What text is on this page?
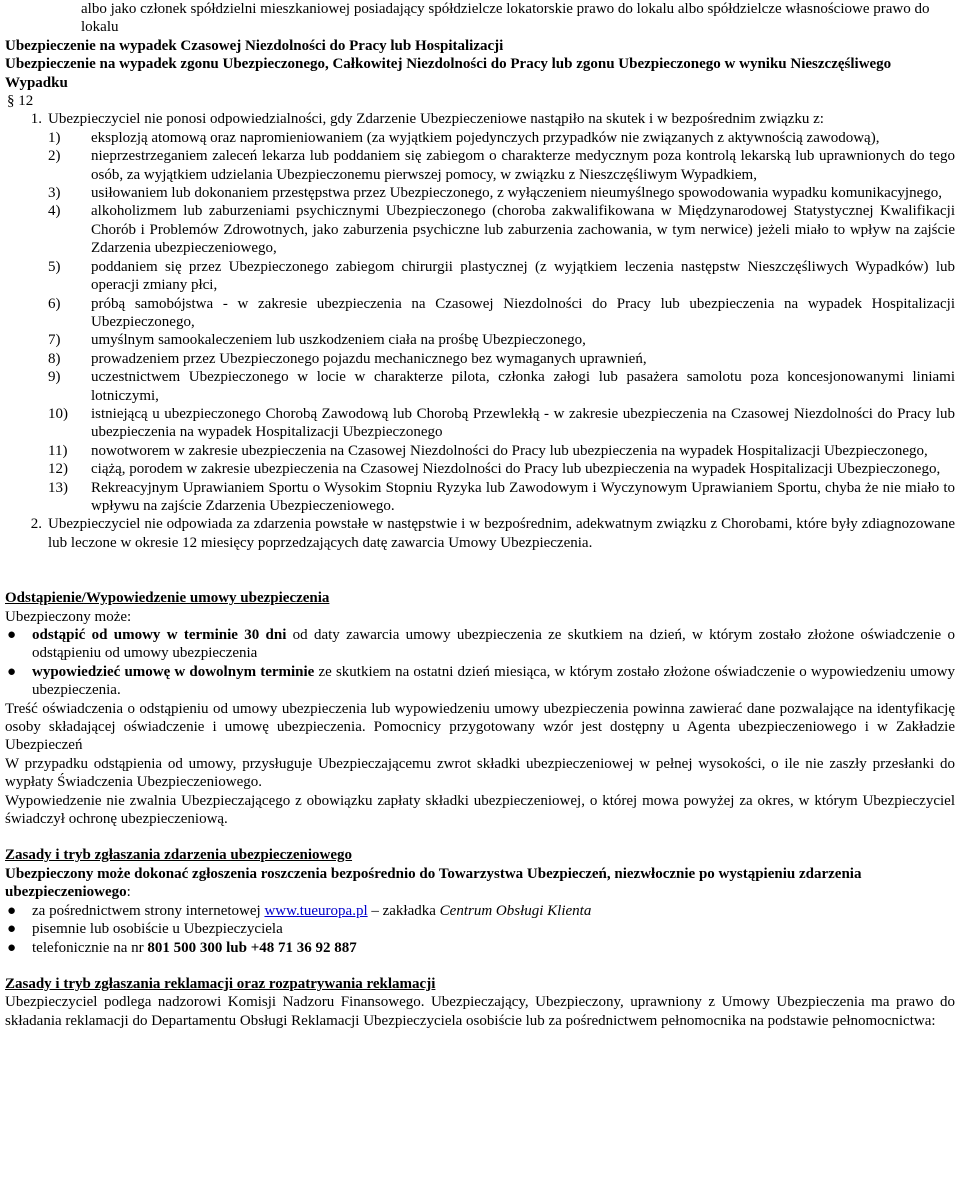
albo jako członek spółdzielni mieszkaniowej posiadający spółdzielcze lokatorskie prawo do lokalu albo spółdzielcze własnościowe prawo do lokalu

Ubezpieczenie na wypadek Czasowej Niezdolności do Pracy lub Hospitalizacji

Ubezpieczenie na wypadek zgonu Ubezpieczonego, Całkowitej Niezdolności do Pracy lub zgonu Ubezpieczonego w wyniku Nieszczęśliwego Wypadku

§ 12

1. Ubezpieczyciel nie ponosi odpowiedzialności, gdy Zdarzenie Ubezpieczeniowe nastąpiło na skutek i w bezpośrednim związku z:

1)	eksplozją atomową oraz napromieniowaniem (za wyjątkiem pojedynczych przypadków nie związanych z aktywnością zawodową),
2)	nieprzestrzeganiem zaleceń lekarza lub poddaniem się zabiegom o charakterze medycznym poza kontrolą lekarską lub uprawnionych do tego osób, za wyjątkiem udzielania Ubezpieczonemu pierwszej pomocy, w związku z Nieszczęśliwym Wypadkiem,
3)	usiłowaniem lub dokonaniem przestępstwa przez Ubezpieczonego, z wyłączeniem nieumyślnego spowodowania wypadku komunikacyjnego,
4)	alkoholizmem lub zaburzeniami psychicznymi Ubezpieczonego (choroba zakwalifikowana w Międzynarodowej Statystycznej Kwalifikacji Chorób i Problemów Zdrowotnych, jako zaburzenia psychiczne lub zaburzenia zachowania, w tym nerwice) jeżeli miało to wpływ na zajście Zdarzenia ubezpieczeniowego,
5)	poddaniem się przez Ubezpieczonego zabiegom chirurgii plastycznej (z wyjątkiem leczenia następstw Nieszczęśliwych Wypadków) lub operacji zmiany płci,
6)	próbą samobójstwa - w zakresie ubezpieczenia na Czasowej Niezdolności do Pracy lub ubezpieczenia na wypadek Hospitalizacji Ubezpieczonego,
7)	umyślnym samookaleczeniem lub uszkodzeniem ciała na prośbę Ubezpieczonego,
8)	prowadzeniem przez Ubezpieczonego pojazdu mechanicznego bez wymaganych uprawnień,
9)	uczestnictwem Ubezpieczonego w locie w charakterze pilota, członka załogi lub pasażera samolotu poza koncesjonowanymi liniami lotniczymi,
10)	istniejącą u ubezpieczonego Chorobą Zawodową lub Chorobą Przewlekłą - w zakresie ubezpieczenia na Czasowej Niezdolności do Pracy lub ubezpieczenia na wypadek Hospitalizacji Ubezpieczonego
11)	nowotworem w zakresie ubezpieczenia na Czasowej Niezdolności do Pracy lub ubezpieczenia na wypadek Hospitalizacji Ubezpieczonego,
12)	ciążą, porodem w zakresie ubezpieczenia na Czasowej Niezdolności do Pracy lub ubezpieczenia na wypadek Hospitalizacji Ubezpieczonego,
13)	Rekreacyjnym Uprawianiem Sportu o Wysokim Stopniu Ryzyka lub Zawodowym i Wyczynowym Uprawianiem Sportu, chyba że nie miało to wpływu na zajście Zdarzenia Ubezpieczeniowego.
2. Ubezpieczyciel nie odpowiada za zdarzenia powstałe w następstwie i w bezpośrednim, adekwatnym związku z Chorobami, które były zdiagnozowane lub leczone w okresie 12 miesięcy poprzedzających datę zawarcia Umowy Ubezpieczenia.

Odstąpienie/Wypowiedzenie umowy ubezpieczenia

Ubezpieczony może:

●	odstąpić od umowy w terminie 30 dni od daty zawarcia umowy ubezpieczenia ze skutkiem na dzień, w którym zostało złożone oświadczenie o odstąpieniu od umowy ubezpieczenia
●	wypowiedzieć umowę w dowolnym terminie ze skutkiem na ostatni dzień miesiąca, w którym zostało złożone oświadczenie o wypowiedzeniu umowy ubezpieczenia.

Treść oświadczenia o odstąpieniu od umowy ubezpieczenia lub wypowiedzeniu umowy ubezpieczenia powinna zawierać dane pozwalające na identyfikację osoby składającej oświadczenie i umowę ubezpieczenia. Pomocnicy przygotowany wzór jest dostępny u Agenta ubezpieczeniowego i w Zakładzie Ubezpieczeń

W przypadku odstąpienia od umowy, przysługuje Ubezpieczającemu zwrot składki ubezpieczeniowej w pełnej wysokości, o ile nie zaszły przesłanki do wypłaty Świadczenia Ubezpieczeniowego.

Wypowiedzenie nie zwalnia Ubezpieczającego z obowiązku zapłaty składki ubezpieczeniowej, o której mowa powyżej za okres, w którym Ubezpieczyciel świadczył ochronę ubezpieczeniową.

Zasady i tryb zgłaszania zdarzenia ubezpieczeniowego

Ubezpieczony może dokonać zgłoszenia roszczenia bezpośrednio do Towarzystwa Ubezpieczeń, niezwłocznie po wystąpieniu zdarzenia ubezpieczeniowego:

●	za pośrednictwem strony internetowej www.tueuropa.pl – zakładka Centrum Obsługi Klienta
●	pisemnie lub osobiście u Ubezpieczyciela
●	telefonicznie na nr 801 500 300 lub +48 71 36 92 887

Zasady i tryb zgłaszania reklamacji oraz rozpatrywania reklamacji

Ubezpieczyciel podlega nadzorowi Komisji Nadzoru Finansowego. Ubezpieczający, Ubezpieczony, uprawniony z Umowy Ubezpieczenia ma prawo do składania reklamacji do Departamentu Obsługi Reklamacji Ubezpieczyciela osobiście lub za pośrednictwem pełnomocnika na podstawie pełnomocnictwa:
